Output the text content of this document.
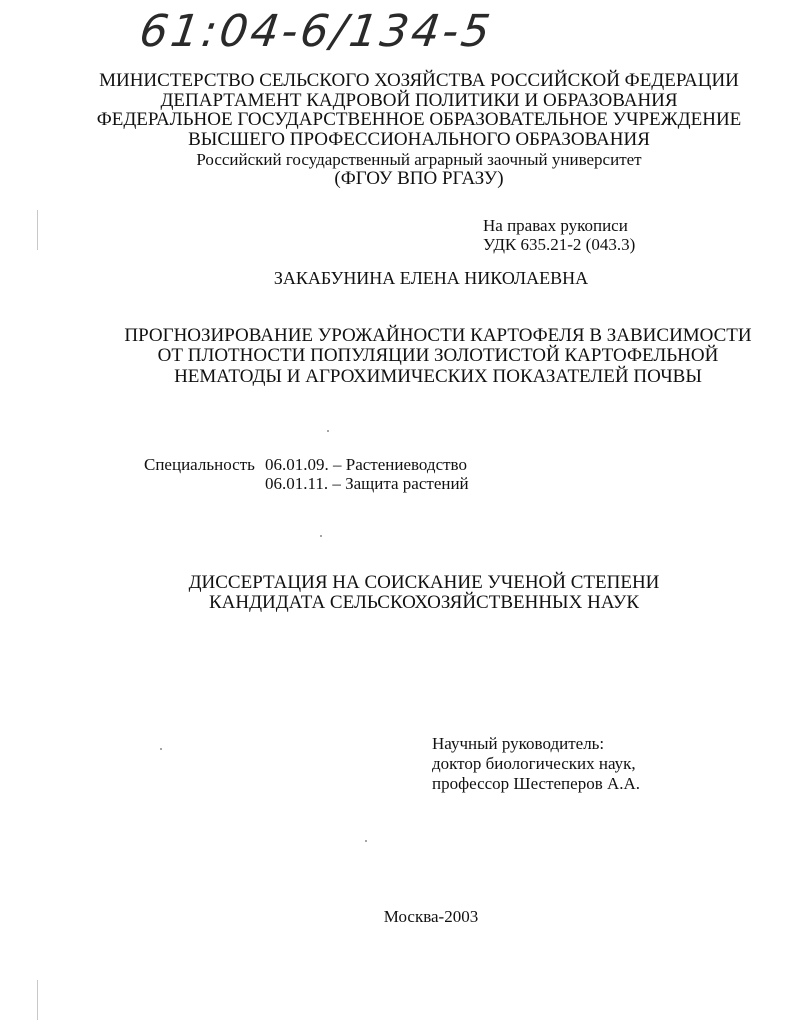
61:04-6/134-5
МИНИСТЕРСТВО СЕЛЬСКОГО ХОЗЯЙСТВА РОССИЙСКОЙ ФЕДЕРАЦИИ
ДЕПАРТАМЕНТ КАДРОВОЙ ПОЛИТИКИ И ОБРАЗОВАНИЯ
ФЕДЕРАЛЬНОЕ ГОСУДАРСТВЕННОЕ ОБРАЗОВАТЕЛЬНОЕ УЧРЕЖДЕНИЕ
ВЫСШЕГО ПРОФЕССИОНАЛЬНОГО ОБРАЗОВАНИЯ
Российский государственный аграрный заочный университет
(ФГОУ ВПО РГАЗУ)
На правах рукописи
УДК 635.21-2 (043.3)
ЗАКАБУНИНА ЕЛЕНА НИКОЛАЕВНА
ПРОГНОЗИРОВАНИЕ УРОЖАЙНОСТИ КАРТОФЕЛЯ В ЗАВИСИМОСТИ
ОТ ПЛОТНОСТИ ПОПУЛЯЦИИ ЗОЛОТИСТОЙ КАРТОФЕЛЬНОЙ
НЕМАТОДЫ И АГРОХИМИЧЕСКИХ ПОКАЗАТЕЛЕЙ ПОЧВЫ
Специальность 06.01.09. – Растениеводство
06.01.11. – Защита растений
ДИССЕРТАЦИЯ НА СОИСКАНИЕ УЧЕНОЙ СТЕПЕНИ
КАНДИДАТА СЕЛЬСКОХОЗЯЙСТВЕННЫХ НАУК
Научный руководитель:
доктор биологических наук,
профессор Шестеперов А.А.
Москва-2003
